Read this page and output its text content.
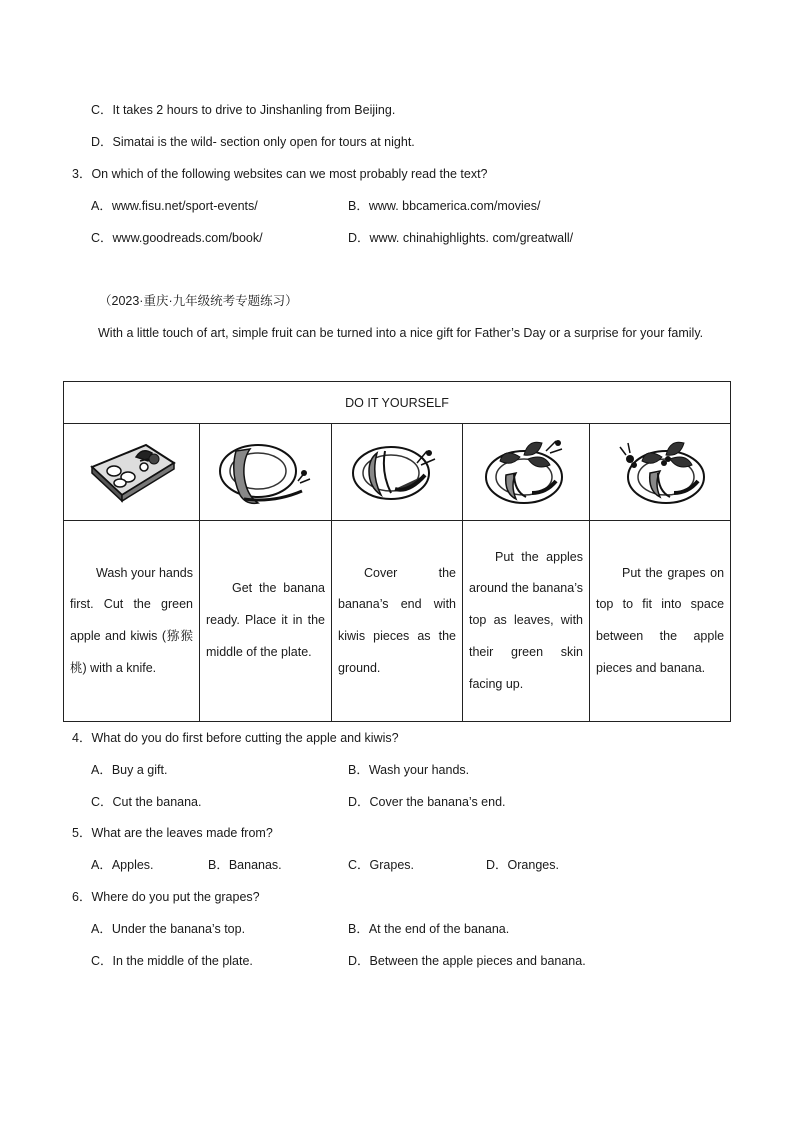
C．It takes 2 hours to drive to Jinshanling from Beijing.
D．Simatai is the wild- section only open for tours at night.
3．On which of the following websites can we most probably read the text?
A．www.fisu.net/sport-events/	B．www. bbcamerica.com/movies/
C．www.goodreads.com/book/	D．www. chinahighlights. com/greatwall/
（2023·重庆·九年级统考专题练习）
With a little touch of art, simple fruit can be turned into a nice gift for Father’s Day or a surprise for your family.
DO IT YOURSELF				

Wash your hands first. Cut the green apple and kiwis (猕猴桃) with a knife.	Get the banana ready. Place it in the middle of the plate.	Cover the banana’s end with kiwis pieces as the ground.	Put the apples around the banana’s top as leaves, with their green skin facing up.	Put the grapes on top to fit into space between the apple pieces and banana.
4．What do you do first before cutting the apple and kiwis?
A．Buy a gift.	B．Wash your hands.
C．Cut the banana.	D．Cover the banana’s end.
5．What are the leaves made from?
A．Apples.	B．Bananas.	C．Grapes.	D．Oranges.
6．Where do you put the grapes?
A．Under the banana’s top.	B．At the end of the banana.
C．In the middle of the plate.	D．Between the apple pieces and banana.
